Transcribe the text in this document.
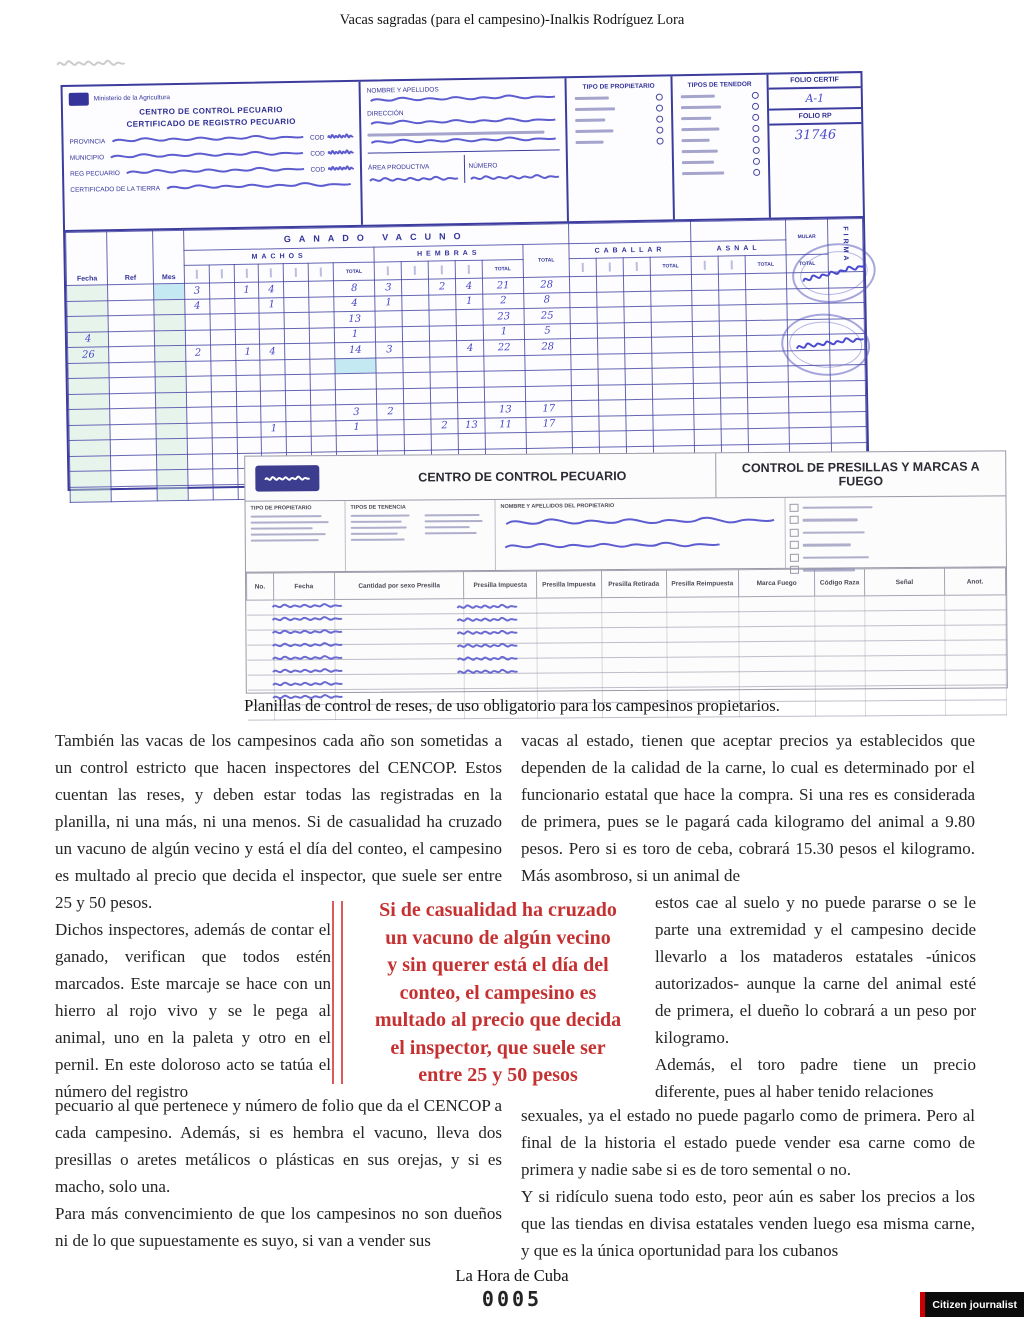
Vacas sagradas (para el campesino)-Inalkis Rodríguez Lora
Ministerio de la Agricultura
CENTRO DE CONTROL PECUARIO
CERTIFICADO DE REGISTRO PECUARIO
PROVINCIA
COD
MUNICIPIO
COD
REG PECUARIO	COD
CERTIFICADO DE LA TIERRA
NOMBRE Y APELLIDOS
DIRECCIÓN
ÁREA PRODUCTIVA	NÚMERO
TIPO DE PROPIETARIO	TIPOS DE TENEDOR
FOLIO CERTIF
A-1
FOLIO RP
31746
Fecha	Ref	Mes	GANADO VACUNO																				MULAR	FIRMA
			MACHOS							HEMBRAS					TOTAL	CABALLAR				ASNAL				
									TOTAL					TOTAL					TOTAL			TOTAL	TOTAL	
			3		1	4			8	3		2	4	21	28									
			4			1			4	1			1	2	8									
									13					23	25									
4									1					1	5									
26			2		1	4			14	3			4	22	28									

									3	2				13	17									
						1			1			2	13	11	17									

CENTRO DE CONTROL PECUARIO
CONTROL DE PRESILLAS Y MARCAS A FUEGO
TIPO DE PROPIETARIO	TIPOS DE TENENCIA	NOMBRE Y APELLIDOS DEL PROPIETARIO
No.	Fecha	Cantidad por sexo Presilla	Presilla Impuesta	Presilla Impuesta	Presilla Retirada	Presilla Reimpuesta	Marca Fuego	Código Raza	Señal	Anot.

Planillas de control de reses, de uso obligatorio para los campesinos propietarios.
También las vacas de los campesinos cada año son sometidas a un control estricto que hacen inspectores del CENCOP. Estos cuentan las reses, y deben estar todas las registradas en la planilla, ni una más, ni una menos. Si de casualidad ha cruzado un vacuno de algún vecino y está el día del conteo, el campesino es multado al precio que decida el inspector, que suele ser entre 25 y 50 pesos.
Dichos inspectores, además de contar el ganado, verifican que todos estén marcados. Este marcaje se hace con un hierro al rojo vivo y se le pega al animal, uno en la paleta y otro en el pernil. En este doloroso acto se tatúa el número del registro
pecuario al que pertenece y número de folio que da el CENCOP a cada campesino. Además, si es hembra el vacuno, lleva dos presillas o aretes metálicos o plásticas en sus orejas, y si es macho, solo una.
Para más convencimiento de que los campesinos no son dueños ni de lo que supuestamente es suyo, si van a vender sus
vacas al estado, tienen que aceptar precios ya establecidos que dependen de la calidad de la carne, lo cual es determinado por el funcionario estatal que hace la compra. Si una res es considerada de primera, pues se le pagará cada kilogramo del animal a 9.80 pesos. Pero si es toro de ceba, cobrará 15.30 pesos el kilogramo. Más asombroso, si un animal de
estos cae al suelo y no puede pararse o se le parte una extremidad y el campesino decide llevarlo a los mataderos estatales -únicos autorizados- aunque la carne del animal esté de primera, el dueño lo cobrará a un peso por kilogramo.
Además, el toro padre tiene un precio diferente, pues al haber tenido relaciones
sexuales, ya el estado no puede pagarlo como de primera. Pero al final de la historia el estado puede vender esa carne como de primera y nadie sabe si es de toro semental o no.
Y si ridículo suena todo esto, peor aún es saber los precios a los que las tiendas en divisa estatales venden luego esa misma carne, y que es la única oportunidad para los cubanos
Si de casualidad ha cruzado
un vacuno de algún vecino
y sin querer está el día del
conteo, el campesino es
multado al precio que decida
el inspector, que suele ser
entre 25 y 50 pesos
La Hora de Cuba
0005	Citizen journalist
